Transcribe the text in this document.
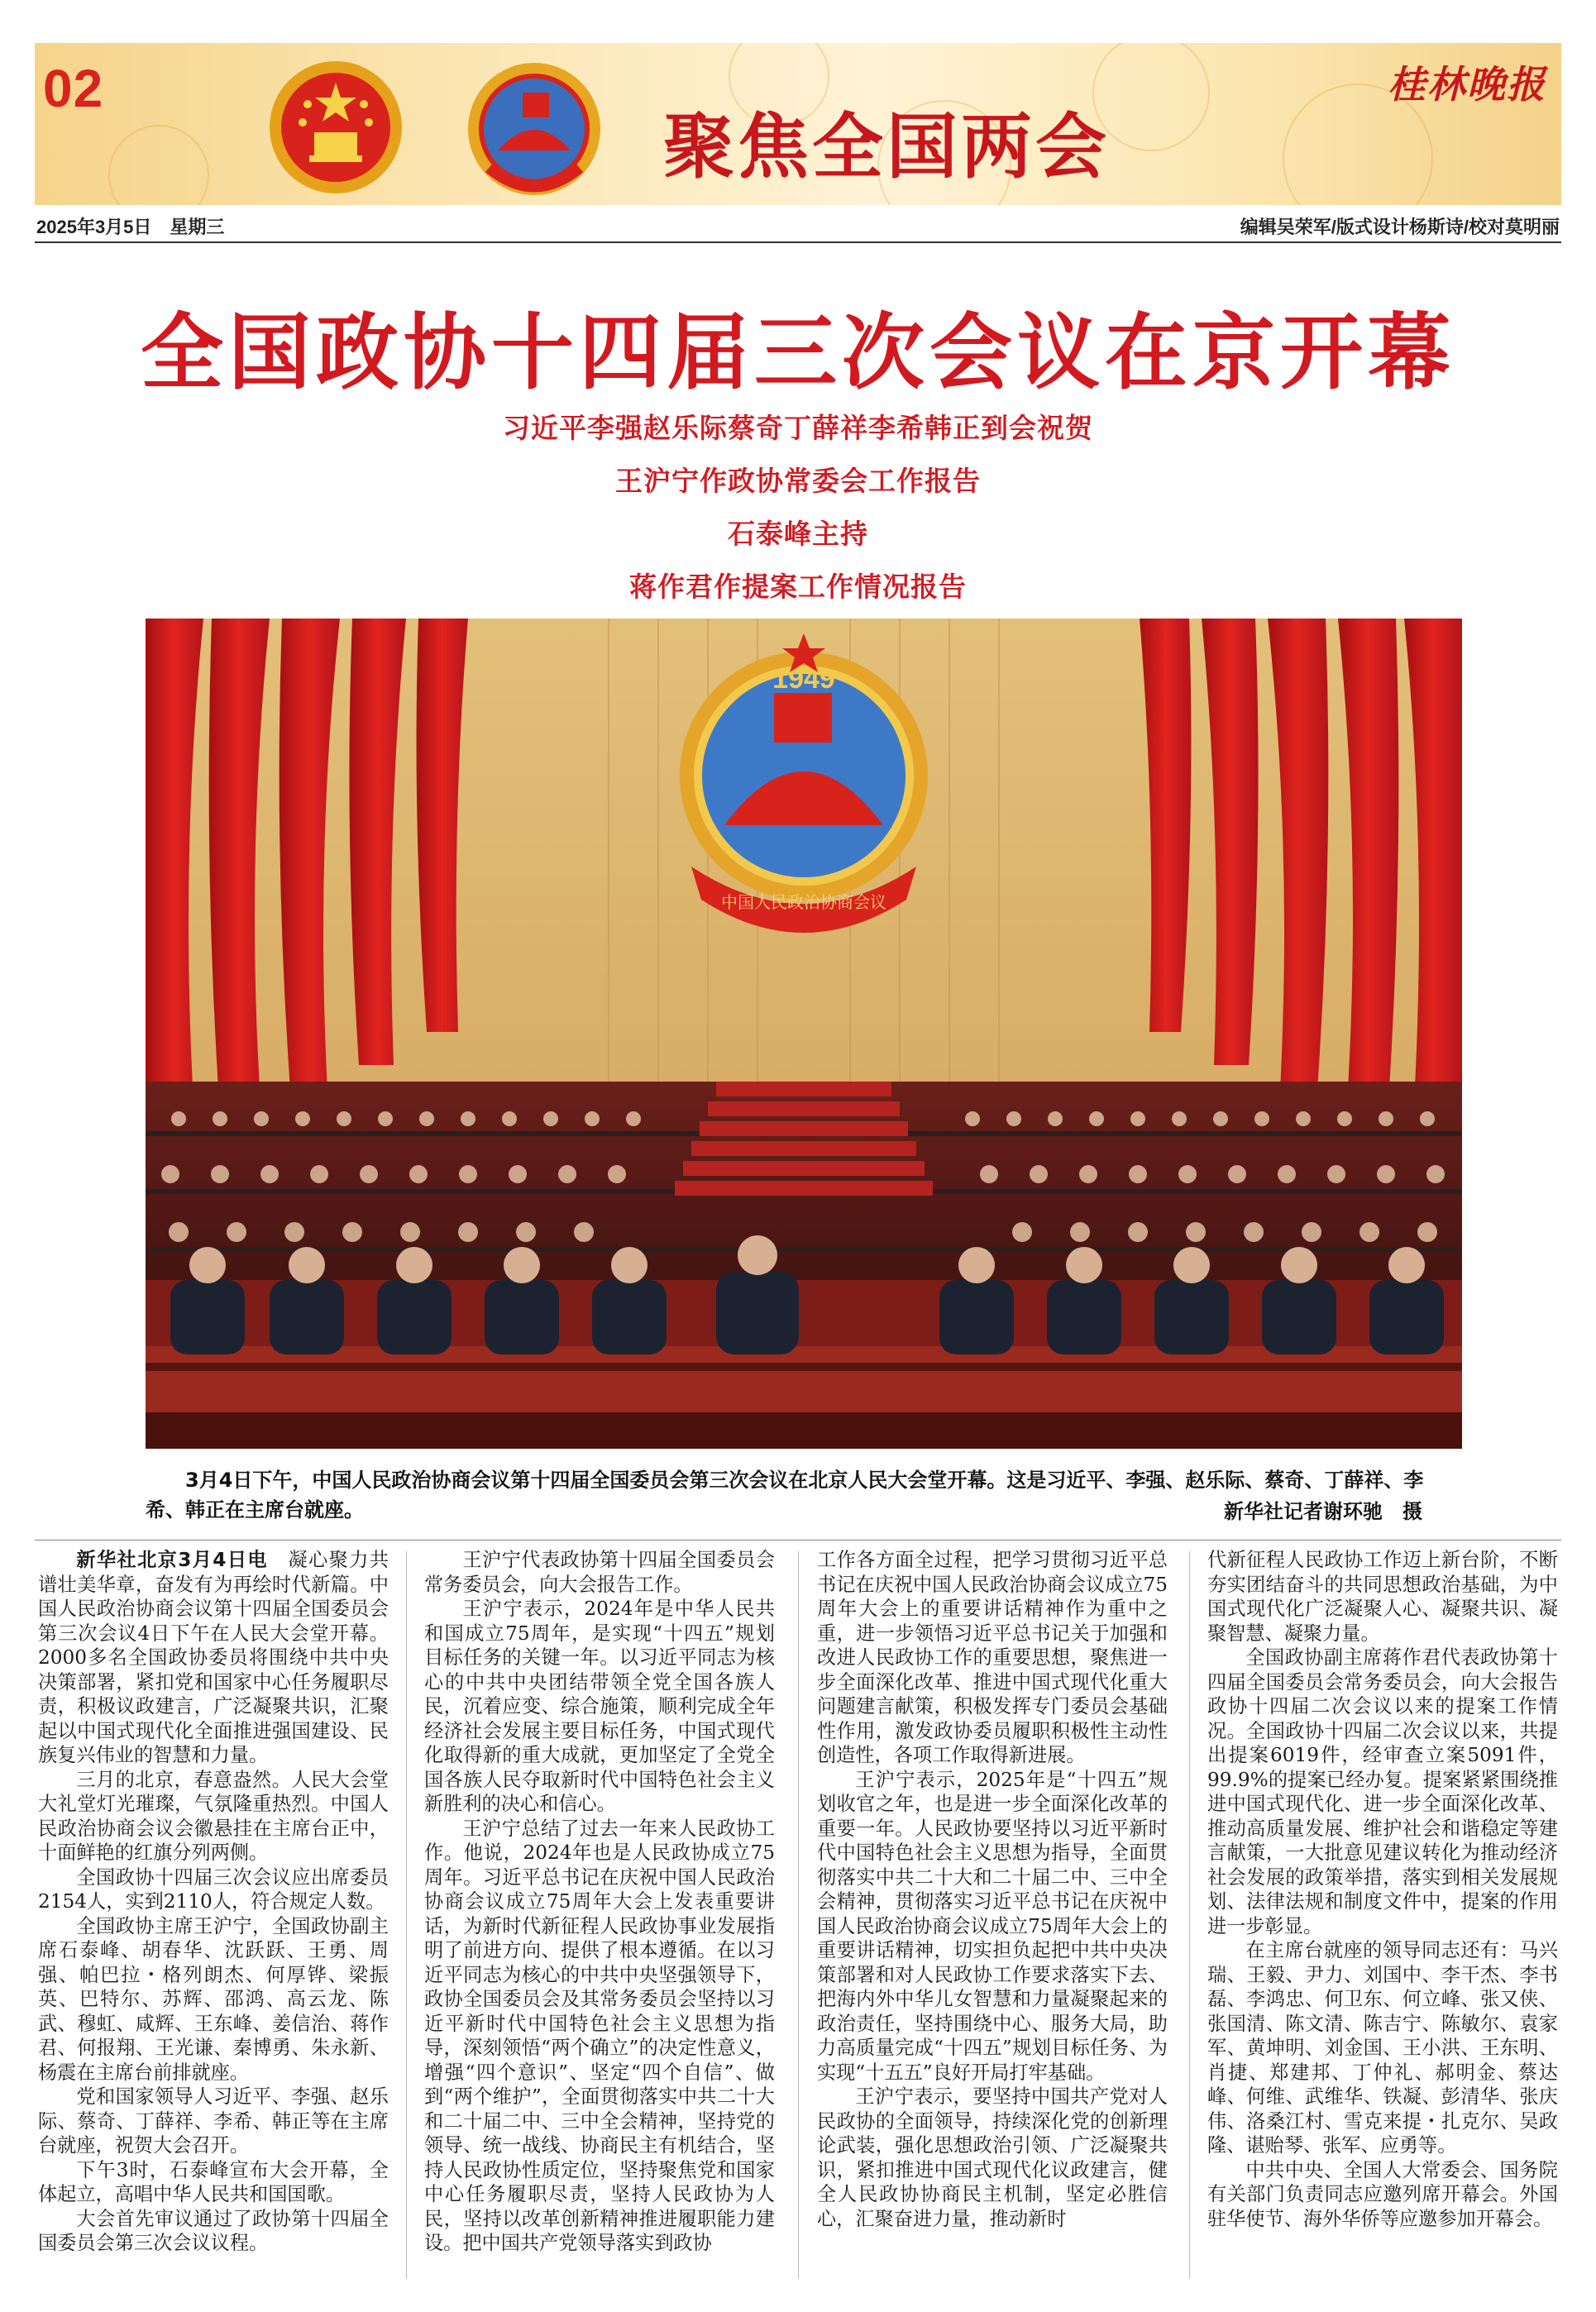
02
聚焦全国两会
桂林晚报
2025年3月5日 星期三	编辑吴荣军/版式设计杨斯诗/校对莫明丽
全国政协十四届三次会议在京开幕
习近平李强赵乐际蔡奇丁薛祥李希韩正到会祝贺
王沪宁作政协常委会工作报告
石泰峰主持
蒋作君作提案工作情况报告
1949
中国人民政治协商会议
3月4日下午，中国人民政治协商会议第十四届全国委员会第三次会议在北京人民大会堂开幕。这是习近平、李强、赵乐际、蔡奇、丁薛祥、李希、韩正在主席台就座。	新华社记者谢环驰　摄

新华社北京3月4日电　 凝心聚力共谱壮美华章，奋发有为再绘时代新篇。中国人民政治协商会议第十四届全国委员会第三次会议4日下午在人民大会堂开幕。2000多名全国政协委员将围绕中共中央决策部署，紧扣党和国家中心任务履职尽责，积极议政建言，广泛凝聚共识，汇聚起以中国式现代化全面推进强国建设、民族复兴伟业的智慧和力量。

三月的北京，春意盎然。人民大会堂大礼堂灯光璀璨，气氛隆重热烈。中国人民政治协商会议会徽悬挂在主席台正中，十面鲜艳的红旗分列两侧。

全国政协十四届三次会议应出席委员2154人，实到2110人，符合规定人数。

全国政协主席王沪宁，全国政协副主席石泰峰、胡春华、沈跃跃、王勇、周强、帕巴拉・格列朗杰、何厚铧、梁振英、巴特尔、苏辉、邵鸿、高云龙、陈武、穆虹、咸辉、王东峰、姜信治、蒋作君、何报翔、王光谦、秦博勇、朱永新、杨震在主席台前排就座。

党和国家领导人习近平、李强、赵乐际、蔡奇、丁薛祥、李希、韩正等在主席台就座，祝贺大会召开。

下午3时，石泰峰宣布大会开幕，全体起立，高唱中华人民共和国国歌。

大会首先审议通过了政协第十四届全国委员会第三次会议议程。

王沪宁代表政协第十四届全国委员会常务委员会，向大会报告工作。

王沪宁表示，2024年是中华人民共和国成立75周年，是实现“十四五”规划目标任务的关键一年。以习近平同志为核心的中共中央团结带领全党全国各族人民，沉着应变、综合施策，顺利完成全年经济社会发展主要目标任务，中国式现代化取得新的重大成就，更加坚定了全党全国各族人民夺取新时代中国特色社会主义新胜利的决心和信心。

王沪宁总结了过去一年来人民政协工作。他说，2024年也是人民政协成立75周年。习近平总书记在庆祝中国人民政治协商会议成立75周年大会上发表重要讲话，为新时代新征程人民政协事业发展指明了前进方向、提供了根本遵循。在以习近平同志为核心的中共中央坚强领导下，政协全国委员会及其常务委员会坚持以习近平新时代中国特色社会主义思想为指导，深刻领悟“两个确立”的决定性意义，增强“四个意识”、坚定“四个自信”、做到“两个维护”，全面贯彻落实中共二十大和二十届二中、三中全会精神，坚持党的领导、统一战线、协商民主有机结合，坚持人民政协性质定位，坚持聚焦党和国家中心任务履职尽责，坚持人民政协为人民，坚持以改革创新精神推进履职能力建设。把中国共产党领导落实到政协

工作各方面全过程，把学习贯彻习近平总书记在庆祝中国人民政治协商会议成立75周年大会上的重要讲话精神作为重中之重，进一步领悟习近平总书记关于加强和改进人民政协工作的重要思想，聚焦进一步全面深化改革、推进中国式现代化重大问题建言献策，积极发挥专门委员会基础性作用，激发政协委员履职积极性主动性创造性，各项工作取得新进展。

王沪宁表示，2025年是“十四五”规划收官之年，也是进一步全面深化改革的重要一年。人民政协要坚持以习近平新时代中国特色社会主义思想为指导，全面贯彻落实中共二十大和二十届二中、三中全会精神，贯彻落实习近平总书记在庆祝中国人民政治协商会议成立75周年大会上的重要讲话精神，切实担负起把中共中央决策部署和对人民政协工作要求落实下去、把海内外中华儿女智慧和力量凝聚起来的政治责任，坚持围绕中心、服务大局，助力高质量完成“十四五”规划目标任务、为实现“十五五”良好开局打牢基础。

王沪宁表示，要坚持中国共产党对人民政协的全面领导，持续深化党的创新理论武装，强化思想政治引领、广泛凝聚共识，紧扣推进中国式现代化议政建言，健全人民政协协商民主机制，坚定必胜信心，汇聚奋进力量，推动新时

代新征程人民政协工作迈上新台阶，不断夯实团结奋斗的共同思想政治基础，为中国式现代化广泛凝聚人心、凝聚共识、凝聚智慧、凝聚力量。

全国政协副主席蒋作君代表政协第十四届全国委员会常务委员会，向大会报告政协十四届二次会议以来的提案工作情况。全国政协十四届二次会议以来，共提出提案6019件，经审查立案5091件，99.9%的提案已经办复。提案紧紧围绕推进中国式现代化、进一步全面深化改革、推动高质量发展、维护社会和谐稳定等建言献策，一大批意见建议转化为推动经济社会发展的政策举措，落实到相关发展规划、法律法规和制度文件中，提案的作用进一步彰显。

在主席台就座的领导同志还有：马兴瑞、王毅、尹力、刘国中、李干杰、李书磊、李鸿忠、何卫东、何立峰、张又侠、张国清、陈文清、陈吉宁、陈敏尔、袁家军、黄坤明、刘金国、王小洪、王东明、肖捷、郑建邦、丁仲礼、郝明金、蔡达峰、何维、武维华、铁凝、彭清华、张庆伟、洛桑江村、雪克来提・扎克尔、吴政隆、谌贻琴、张军、应勇等。

中共中央、全国人大常委会、国务院有关部门负责同志应邀列席开幕会。外国驻华使节、海外华侨等应邀参加开幕会。
